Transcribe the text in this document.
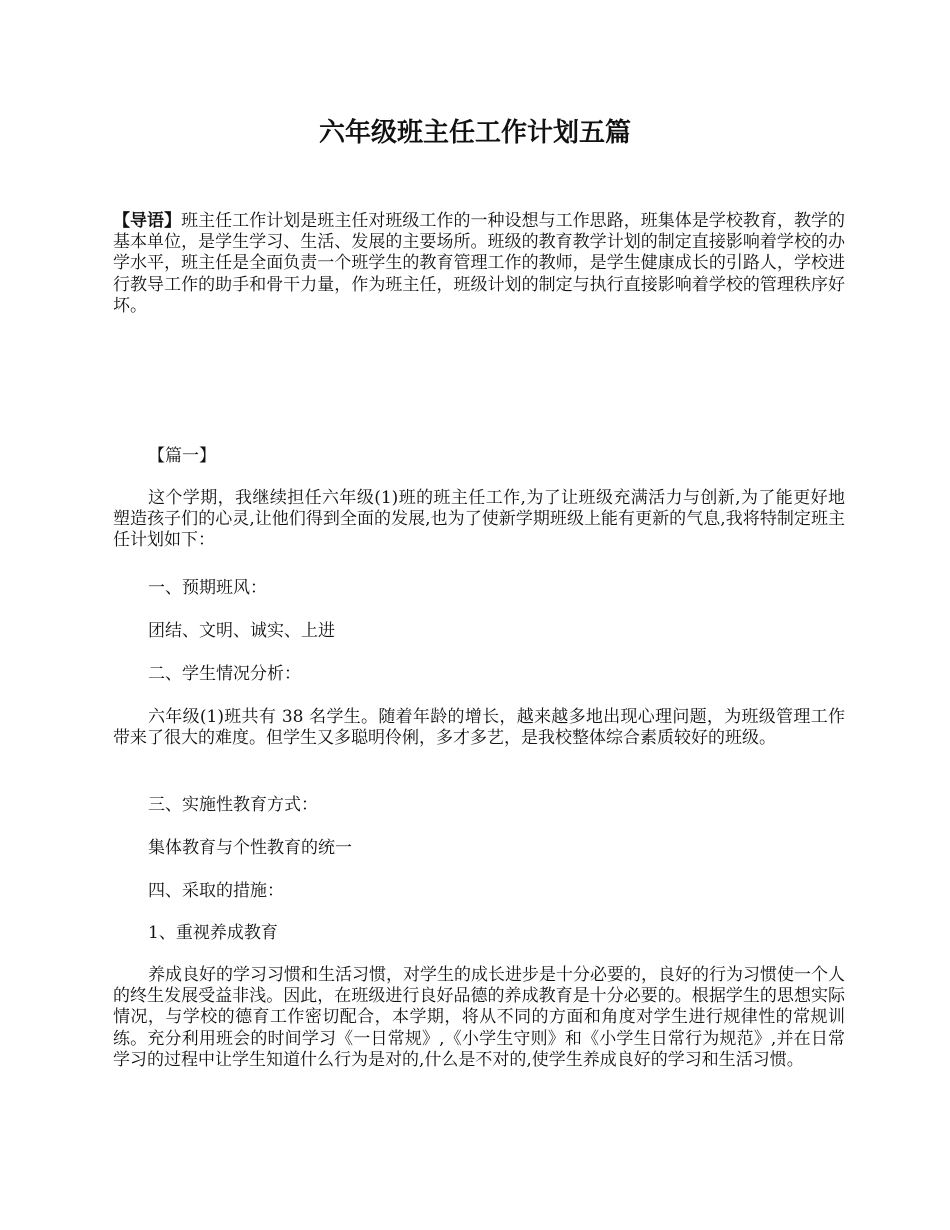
六年级班主任工作计划五篇
【导语】班主任工作计划是班主任对班级工作的一种设想与工作思路，班集体是学校教育，教学的基本单位，是学生学习、生活、发展的主要场所。班级的教育教学计划的制定直接影响着学校的办学水平，班主任是全面负责一个班学生的教育管理工作的教师，是学生健康成长的引路人，学校进行教导工作的助手和骨干力量，作为班主任，班级计划的制定与执行直接影响着学校的管理秩序好坏。
【篇一】
这个学期，我继续担任六年级(1)班的班主任工作,为了让班级充满活力与创新,为了能更好地塑造孩子们的心灵,让他们得到全面的发展,也为了使新学期班级上能有更新的气息,我将特制定班主任计划如下：
一、预期班风：
团结、文明、诚实、上进
二、学生情况分析：
六年级(1)班共有 38 名学生。随着年龄的增长，越来越多地出现心理问题，为班级管理工作带来了很大的难度。但学生又多聪明伶俐，多才多艺，是我校整体综合素质较好的班级。
三、实施性教育方式：
集体教育与个性教育的统一
四、采取的措施：
1、重视养成教育
养成良好的学习习惯和生活习惯，对学生的成长进步是十分必要的，良好的行为习惯使一个人的终生发展受益非浅。因此，在班级进行良好品德的养成教育是十分必要的。根据学生的思想实际情况，与学校的德育工作密切配合，本学期，将从不同的方面和角度对学生进行规律性的常规训练。充分利用班会的时间学习《一日常规》,《小学生守则》和《小学生日常行为规范》,并在日常学习的过程中让学生知道什么行为是对的,什么是不对的,使学生养成良好的学习和生活习惯。
